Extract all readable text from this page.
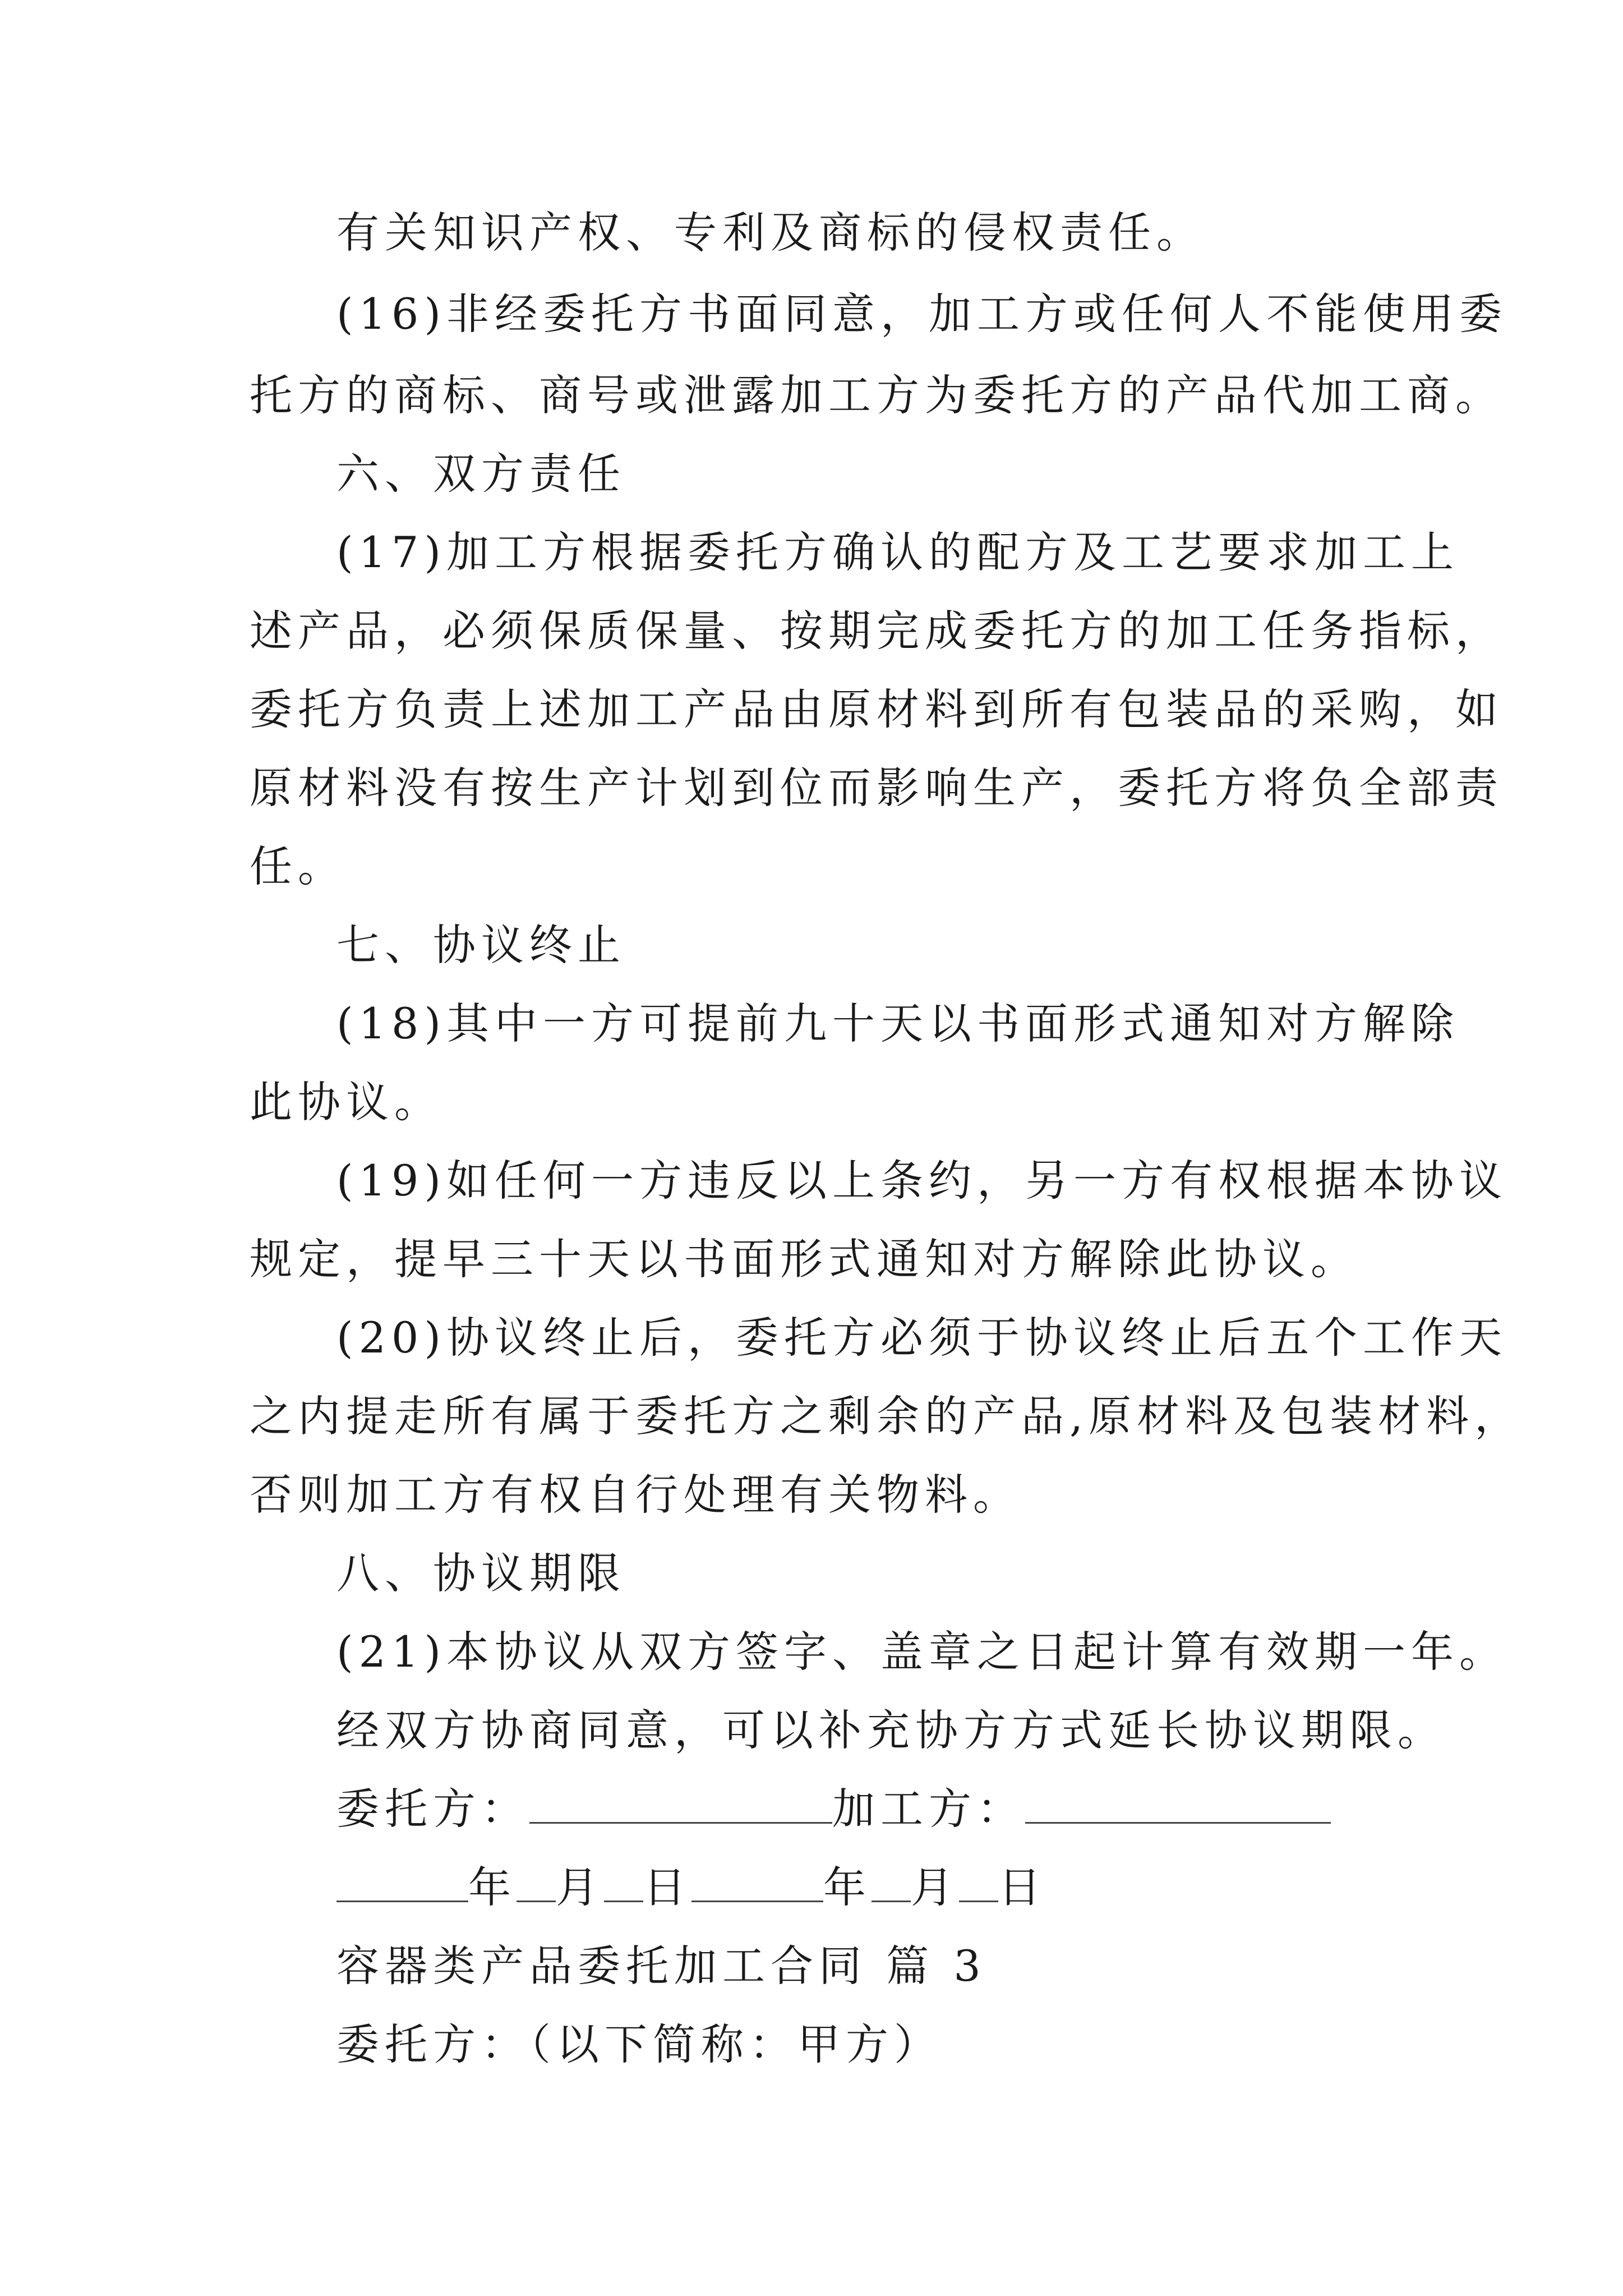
有关知识产权、专利及商标的侵权责任。
(16)非经委托方书面同意，加工方或任何人不能使用委
托方的商标、商号或泄露加工方为委托方的产品代加工商。
六、双方责任
(17)加工方根据委托方确认的配方及工艺要求加工上
述产品，必须保质保量、按期完成委托方的加工任务指标，
委托方负责上述加工产品由原材料到所有包装品的采购，如
原材料没有按生产计划到位而影响生产，委托方将负全部责
任。
七、协议终止
(18)其中一方可提前九十天以书面形式通知对方解除
此协议。
(19)如任何一方违反以上条约，另一方有权根据本协议
规定，提早三十天以书面形式通知对方解除此协议。
(20)协议终止后，委托方必须于协议终止后五个工作天
之内提走所有属于委托方之剩余的产品,原材料及包装材料，
否则加工方有权自行处理有关物料。
八、协议期限
(21)本协议从双方签字、盖章之日起计算有效期一年。
经双方协商同意，可以补充协方方式延长协议期限。
委托方：	加工方：
年 月 日	年 月 日
容器类产品委托加工合同 篇 3
委托方：（以下简称：甲方）
